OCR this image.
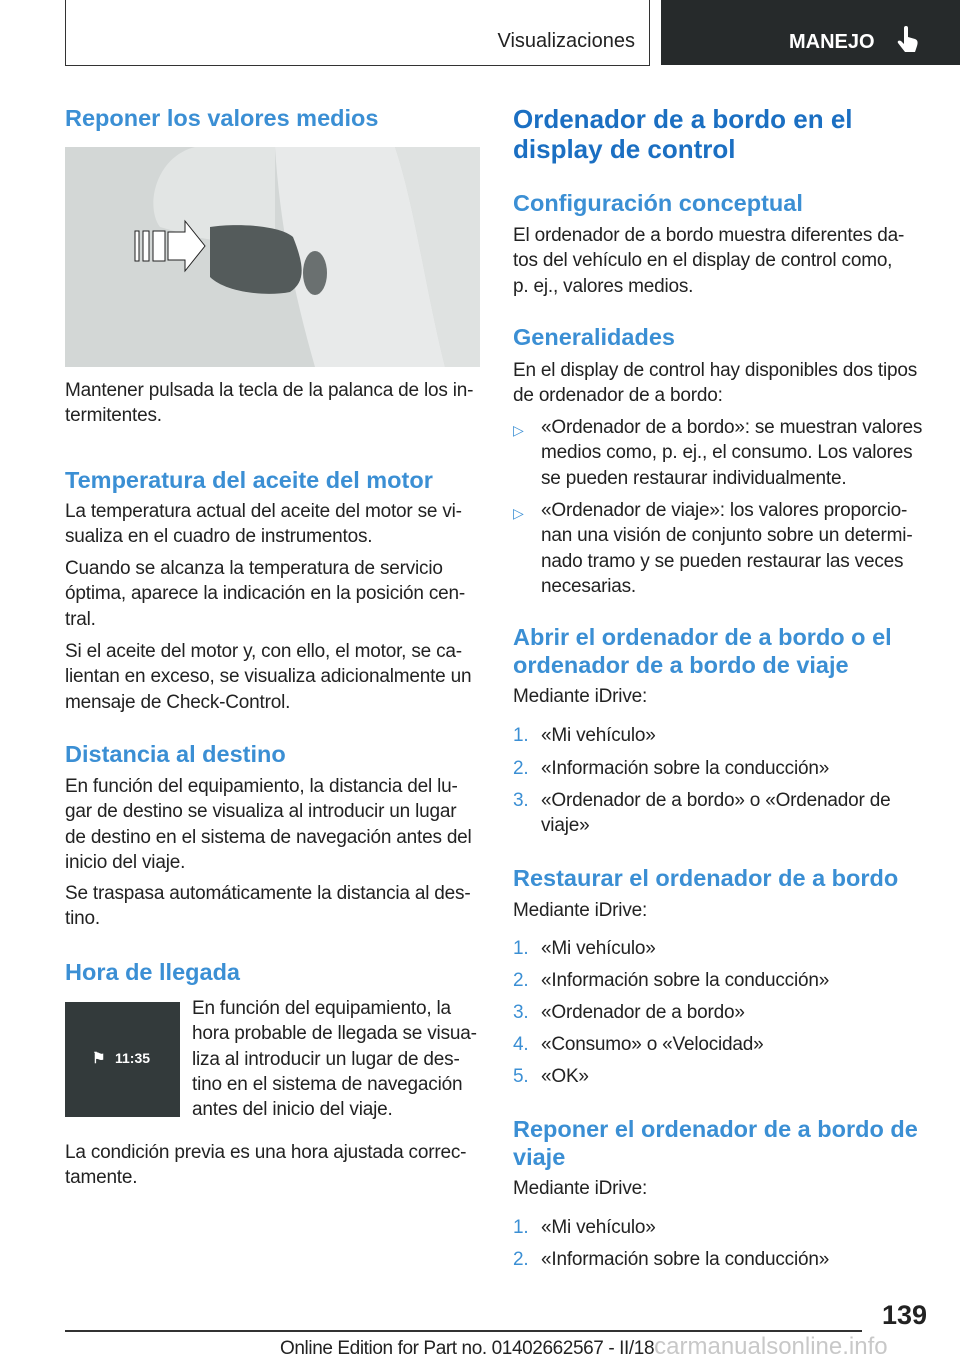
Visualizaciones	MANEJO
Reponer los valores medios
Mantener pulsada la tecla de la palanca de los in-
termitentes.
Temperatura del aceite del motor
La temperatura actual del aceite del motor se vi-
sualiza en el cuadro de instrumentos.
Cuando se alcanza la temperatura de servicio
óptima, aparece la indicación en la posición cen-
tral.
Si el aceite del motor y, con ello, el motor, se ca-
lientan en exceso, se visualiza adicionalmente un
mensaje de Check-Control.
Distancia al destino
En función del equipamiento, la distancia del lu-
gar de destino se visualiza al introducir un lugar
de destino en el sistema de navegación antes del
inicio del viaje.
Se traspasa automáticamente la distancia al des-
tino.
Hora de llegada
⚑ 11:35
En función del equipamiento, la
hora probable de llegada se visua-
liza al introducir un lugar de des-
tino en el sistema de navegación
antes del inicio del viaje.
La condición previa es una hora ajustada correc-
tamente.
Ordenador de a bordo en el
display de control
Configuración conceptual
El ordenador de a bordo muestra diferentes da-
tos del vehículo en el display de control como,
p. ej., valores medios.
Generalidades
En el display de control hay disponibles dos tipos
de ordenador de a bordo:
▷ «Ordenador de a bordo»: se muestran valores
medios como, p. ej., el consumo. Los valores
se pueden restaurar individualmente.
▷ «Ordenador de viaje»: los valores proporcio-
nan una visión de conjunto sobre un determi-
nado tramo y se pueden restaurar las veces
necesarias.
Abrir el ordenador de a bordo o el
ordenador de a bordo de viaje
Mediante iDrive:
1. «Mi vehículo»
2. «Información sobre la conducción»
3. «Ordenador de a bordo» o «Ordenador de
viaje»
Restaurar el ordenador de a bordo
Mediante iDrive:
1. «Mi vehículo»
2. «Información sobre la conducción»
3. «Ordenador de a bordo»
4. «Consumo» o «Velocidad»
5. «OK»
Reponer el ordenador de a bordo de
viaje
Mediante iDrive:
1. «Mi vehículo»
2. «Información sobre la conducción»
139
Online Edition for Part no. 01402662567 - II/18carmanualsonline.info
